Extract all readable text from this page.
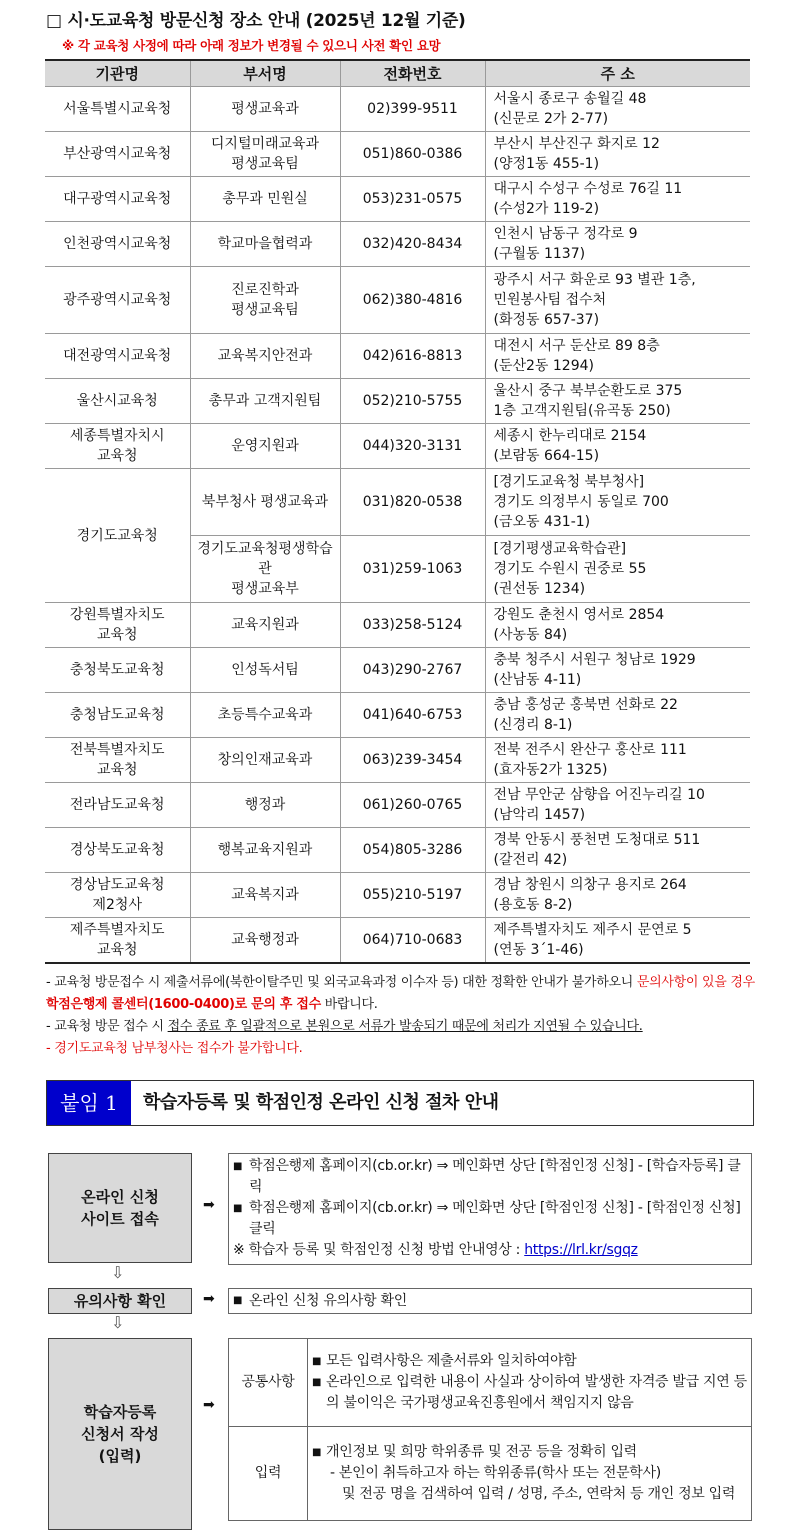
□ 시·도교육청 방문신청 장소 안내 (2025년 12월 기준)
※ 각 교육청 사정에 따라 아래 정보가 변경될 수 있으니 사전 확인 요망
기관명	부서명	전화번호	주 소
서울특별시교육청	평생교육과	02)399-9511	서울시 종로구 송월길 48
(신문로 2가 2-77)
부산광역시교육청	디지털미래교육과
평생교육팀	051)860-0386	부산시 부산진구 화지로 12
(양정1동 455-1)
대구광역시교육청	총무과 민원실	053)231-0575	대구시 수성구 수성로 76길 11
(수성2가 119-2)
인천광역시교육청	학교마을협력과	032)420-8434	인천시 남동구 정각로 9
(구월동 1137)
광주광역시교육청	진로진학과
평생교육팀	062)380-4816	광주시 서구 화운로 93 별관 1층,
민원봉사팀 접수처
(화정동 657-37)
대전광역시교육청	교육복지안전과	042)616-8813	대전시 서구 둔산로 89 8층
(둔산2동 1294)
울산시교육청	총무과 고객지원팀	052)210-5755	울산시 중구 북부순환도로 375
1층 고객지원팀(유곡동 250)
세종특별자치시
교육청	운영지원과	044)320-3131	세종시 한누리대로 2154
(보람동 664-15)
경기도교육청	북부청사 평생교육과	031)820-0538	[경기도교육청 북부청사]
경기도 의정부시 동일로 700
(금오동 431-1)
	경기도교육청평생학습관
평생교육부	031)259-1063	[경기평생교육학습관]
경기도 수원시 권중로 55
(권선동 1234)
강원특별자치도
교육청	교육지원과	033)258-5124	강원도 춘천시 영서로 2854
(사농동 84)
충청북도교육청	인성독서팀	043)290-2767	충북 청주시 서원구 청남로 1929
(산남동 4-11)
충청남도교육청	초등특수교육과	041)640-6753	충남 홍성군 홍북면 선화로 22
(신경리 8-1)
전북특별자치도
교육청	창의인재교육과	063)239-3454	전북 전주시 완산구 홍산로 111
(효자동2가 1325)
전라남도교육청	행정과	061)260-0765	전남 무안군 삼향읍 어진누리길 10
(남악리 1457)
경상북도교육청	행복교육지원과	054)805-3286	경북 안동시 풍천면 도청대로 511
(갈전리 42)
경상남도교육청
제2청사	교육복지과	055)210-5197	경남 창원시 의창구 용지로 264
(용호동 8-2)
제주특별자치도
교육청	교육행정과	064)710-0683	제주특별자치도 제주시 문연로 5
(연동 3´1-46)
- 교육청 방문접수 시 제출서류에(북한이탈주민 및 외국교육과정 이수자 등) 대한 정확한 안내가 불가하오니 문의사항이 있을 경우 학점은행제 콜센터(1600-0400)로 문의 후 접수 바랍니다.
- 교육청 방문 접수 시 접수 종료 후 일괄적으로 본원으로 서류가 발송되기 때문에 처리가 지연될 수 있습니다.
- 경기도교육청 남부청사는 접수가 불가합니다.
붙임 1	학습자등록 및 학점인정 온라인 신청 절차 안내
온라인 신청
사이트 접속
➡
■ 학점은행제 홈페이지(cb.or.kr) ⇒ 메인화면 상단 [학점인정 신청] - [학습자등록] 클릭
■ 학점은행제 홈페이지(cb.or.kr) ⇒ 메인화면 상단 [학점인정 신청] - [학점인정 신청] 클릭
※ 학습자 등록 및 학점인정 신청 방법 안내영상 : https://lrl.kr/sgqz
⇩
유의사항 확인	➡	■ 온라인 신청 유의사항 확인
⇩
학습자등록
신청서 작성
(입력)
➡
공통사항	■ 모든 입력사항은 제출서류와 일치하여야함
■ 온라인으로 입력한 내용이 사실과 상이하여 발생한 자격증 발급 지연 등의 불이익은 국가평생교육진흥원에서 책임지지 않음

입력	■ 개인정보 및 희망 학위종류 및 전공 등을 정확히 입력
- 본인이 취득하고자 하는 학위종류(학사 또는 전문학사)
및 전공 명을 검색하여 입력 / 성명, 주소, 연락처 등 개인 정보 입력
